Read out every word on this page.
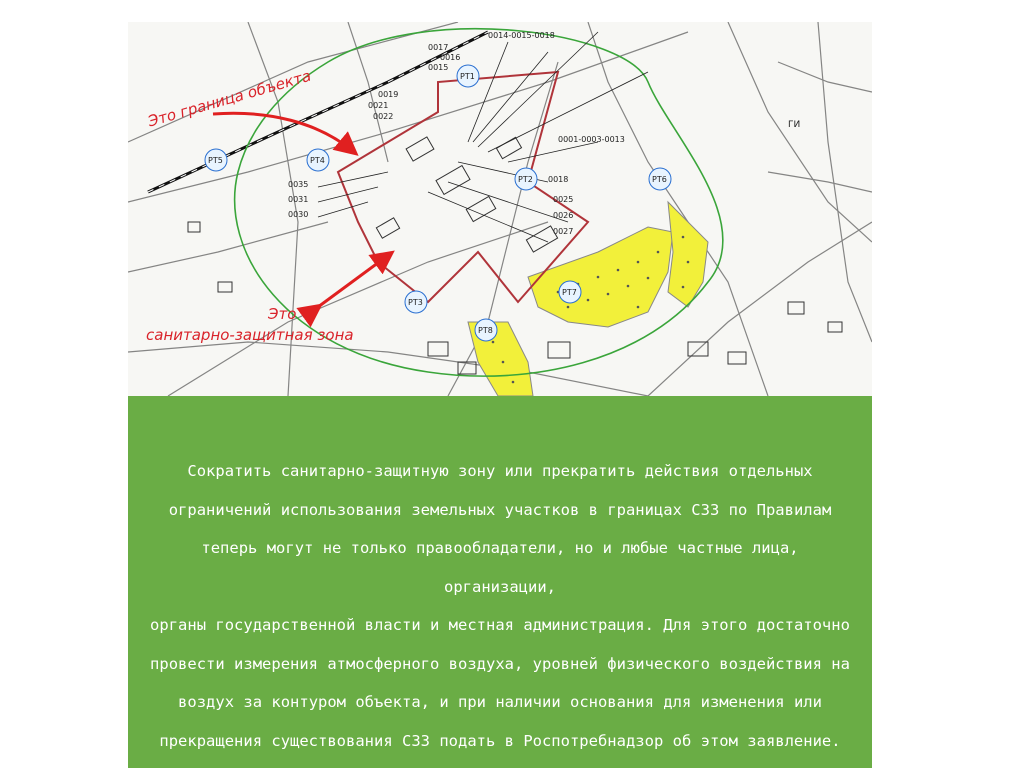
0014-0015-0018
0017
0016
0015
0019
0021
0022
0001-0003-0013
0035
0031
0030
0018
0025
0026
0027
ГИ
РТ5	РТ4
РТ3
РТ1
РТ2	РТ6
РТ7
РТ8
Это граница объекта
Это
санитарно-защитная зона
Сократить санитарно-защитную зону или прекратить действия отдельных
ограничений использования земельных участков в границах СЗЗ по Правилам
теперь могут не только правообладатели, но и любые частные лица, организации,
органы государственной власти и местная администрация. Для этого достаточно
провести измерения атмосферного воздуха, уровней физического воздействия на
воздух за контуром объекта, и при наличии основания для изменения или
прекращения существования СЗЗ подать в Роспотребнадзор об этом заявление.
